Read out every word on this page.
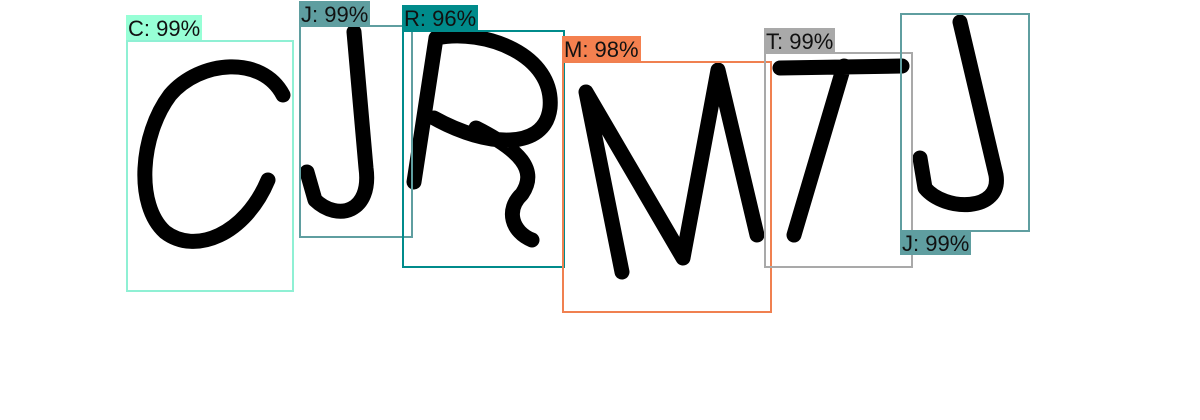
C: 99%
J: 99% R: 96%
M: 98%	T: 99%
J: 99%
